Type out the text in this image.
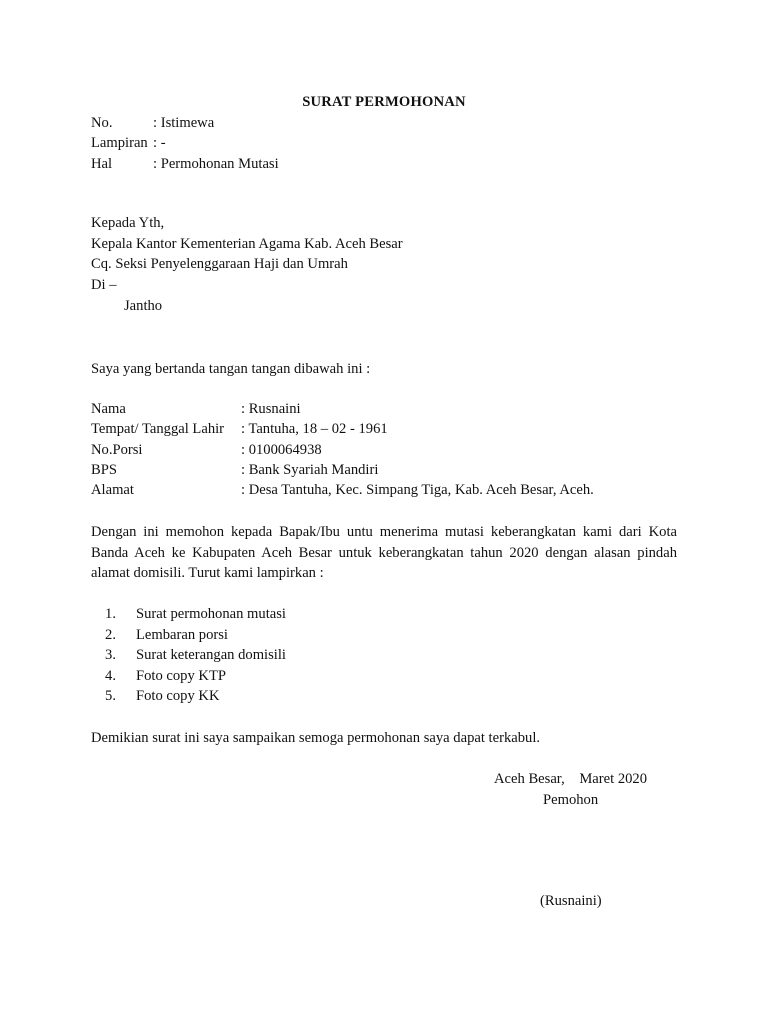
SURAT PERMOHONAN
No.	: Istimewa
Lampiran : -
Hal	: Permohonan Mutasi
Kepada Yth,
Kepala Kantor Kementerian Agama Kab. Aceh Besar
Cq. Seksi Penyelenggaraan Haji dan Umrah
Di –
Jantho
Saya yang bertanda tangan tangan dibawah ini :
Nama	: Rusnaini
Tempat/ Tanggal Lahir : Tantuha, 18 – 02 - 1961
No.Porsi	: 0100064938
BPS	: Bank Syariah Mandiri
Alamat	: Desa Tantuha, Kec. Simpang Tiga, Kab. Aceh Besar, Aceh.
Dengan ini memohon kepada Bapak/Ibu untu menerima mutasi keberangkatan kami dari Kota Banda Aceh ke Kabupaten Aceh Besar untuk keberangkatan tahun 2020 dengan alasan pindah alamat domisili. Turut kami lampirkan :
1. Surat permohonan mutasi
2. Lembaran porsi
3. Surat keterangan domisili
4. Foto copy KTP
5. Foto copy KK
Demikian surat ini saya sampaikan semoga permohonan saya dapat terkabul.
Aceh Besar,    Maret 2020
Pemohon
(Rusnaini)
